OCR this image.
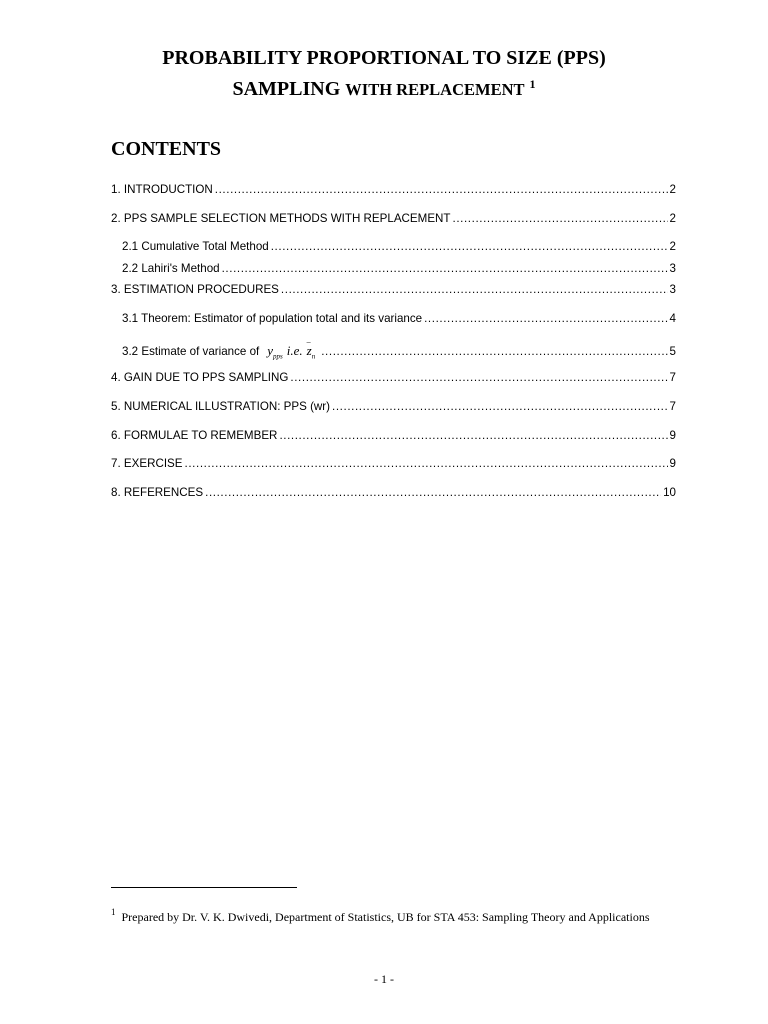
PROBABILITY PROPORTIONAL TO SIZE (PPS)
SAMPLING WITH REPLACEMENT $^1$
CONTENTS
1. INTRODUCTION .....	2
2. PPS SAMPLE SELECTION METHODS WITH REPLACEMENT .....	2
2.1 Cumulative Total Method .....	2
2.2 Lahiri's Method .....	3
3. ESTIMATION PROCEDURES .....	3
3.1 Theorem: Estimator of population total and its variance .....	4
3.2 Estimate of variance of $y_{pps}$ i.e. – $z_n$ .....	5
4. GAIN DUE TO PPS SAMPLING .....	7
5. NUMERICAL ILLUSTRATION: PPS (wr) .....	7
6. FORMULAE TO REMEMBER .....	9
7. EXERCISE .....	9
8. REFERENCES .....	10
$^1$ Prepared by Dr. V. K. Dwivedi, Department of Statistics, UB for STA 453: Sampling Theory and Applications
- 1 -
